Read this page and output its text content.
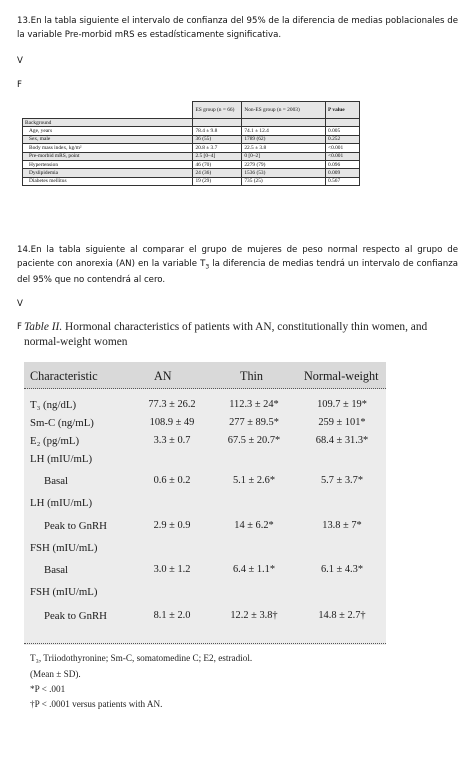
13.En la tabla siguiente el intervalo de confianza del 95% de la diferencia de medias poblacionales de la variable Pre-morbid mRS es estadísticamente significativa.

V
F
	ES group (n = 66)	Non-ES group (n = 2003)	P value
Background			
Age, years	78.4 ± 9.8	74.1 ± 12.4	0.005
Sex, male	36 (55)	1789 (62)	0.252
Body mass index, kg/m²	20.8 ± 3.7	22.5 ± 3.8	<0.001
Pre-morbid mRS, point	2.5 [0–4]	0 [0–2]	<0.001
Hypertension	46 (70)	2279 (79)	0.096
Dyslipidemia	24 (36)	1536 (53)	0.009
Diabetes mellitus	19 (29)	735 (25)	0.567

14.En la tabla siguiente al comparar el grupo de mujeres de peso normal respecto al grupo de paciente con anorexia (AN) en la variable $T_3$ la diferencia de medias tendrá un intervalo de confianza del 95% que no contendrá al cero.

V
F Table II. Hormonal characteristics of patients with AN, constitutionally thin women, and normal-weight women
Characteristic	AN	Thin	Normal-weight
T₃ (ng/dL)	77.3 ± 26.2	112.3 ± 24*	109.7 ± 19*
Sm-C (ng/mL)	108.9 ± 49	277 ± 89.5*	259 ± 101*
E₂ (pg/mL)	3.3 ± 0.7	67.5 ± 20.7*	68.4 ± 31.3*
LH (mIU/mL)
Basal	0.6 ± 0.2	5.1 ± 2.6*	5.7 ± 3.7*
LH (mIU/mL)
Peak to GnRH	2.9 ± 0.9	14 ± 6.2*	13.8 ± 7*
FSH (mIU/mL)
Basal	3.0 ± 1.2	6.4 ± 1.1*	6.1 ± 4.3*
FSH (mIU/mL)
Peak to GnRH	8.1 ± 2.0	12.2 ± 3.8†	14.8 ± 2.7†
T₃, Triiodothyronine; Sm-C, somatomedine C; E2, estradiol.
(Mean ± SD).
*P < .001
†P < .0001 versus patients with AN.
